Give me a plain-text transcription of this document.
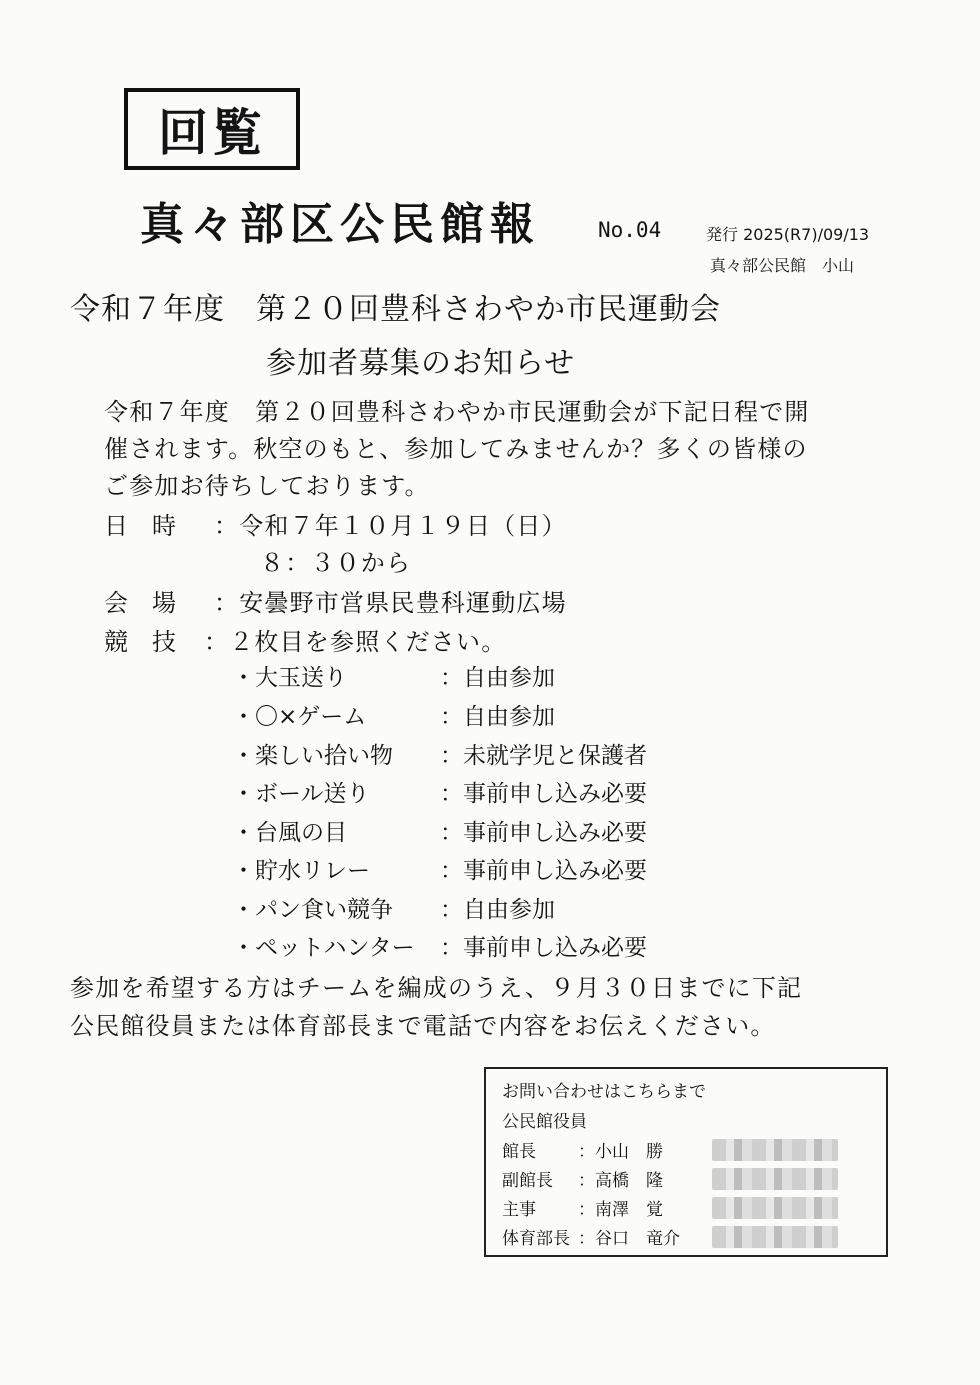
回覧
真々部区公民館報	No.04	発行 2025(R7)/09/13
真々部公民館　小山
令和７年度　第２０回豊科さわやか市民運動会
参加者募集のお知らせ
令和７年度　第２０回豊科さわやか市民運動会が下記日程で開
催されます。秋空のもと、参加してみませんか？多くの皆様の
ご参加お待ちしております。
日　時 ：令和７年１０月１９日（日）
８：３０から
会　場 ：安曇野市営県民豊科運動広場
競　技 ：２枚目を参照ください。
・大玉送り	：自由参加
・〇×ゲーム	：自由参加
・楽しい拾い物 ：未就学児と保護者
・ボール送り	：事前申し込み必要
・台風の目	：事前申し込み必要
・貯水リレー	：事前申し込み必要
・パン食い競争 ：自由参加
・ペットハンター ：事前申し込み必要
参加を希望する方はチームを編成のうえ、９月３０日までに下記
公民館役員または体育部長まで電話で内容をお伝えください。
お問い合わせはこちらまで
公民館役員
館長 ：小山　勝
副館長 ：高橋　隆
主事 ：南澤　覚
体育部長 ：谷口　竜介
